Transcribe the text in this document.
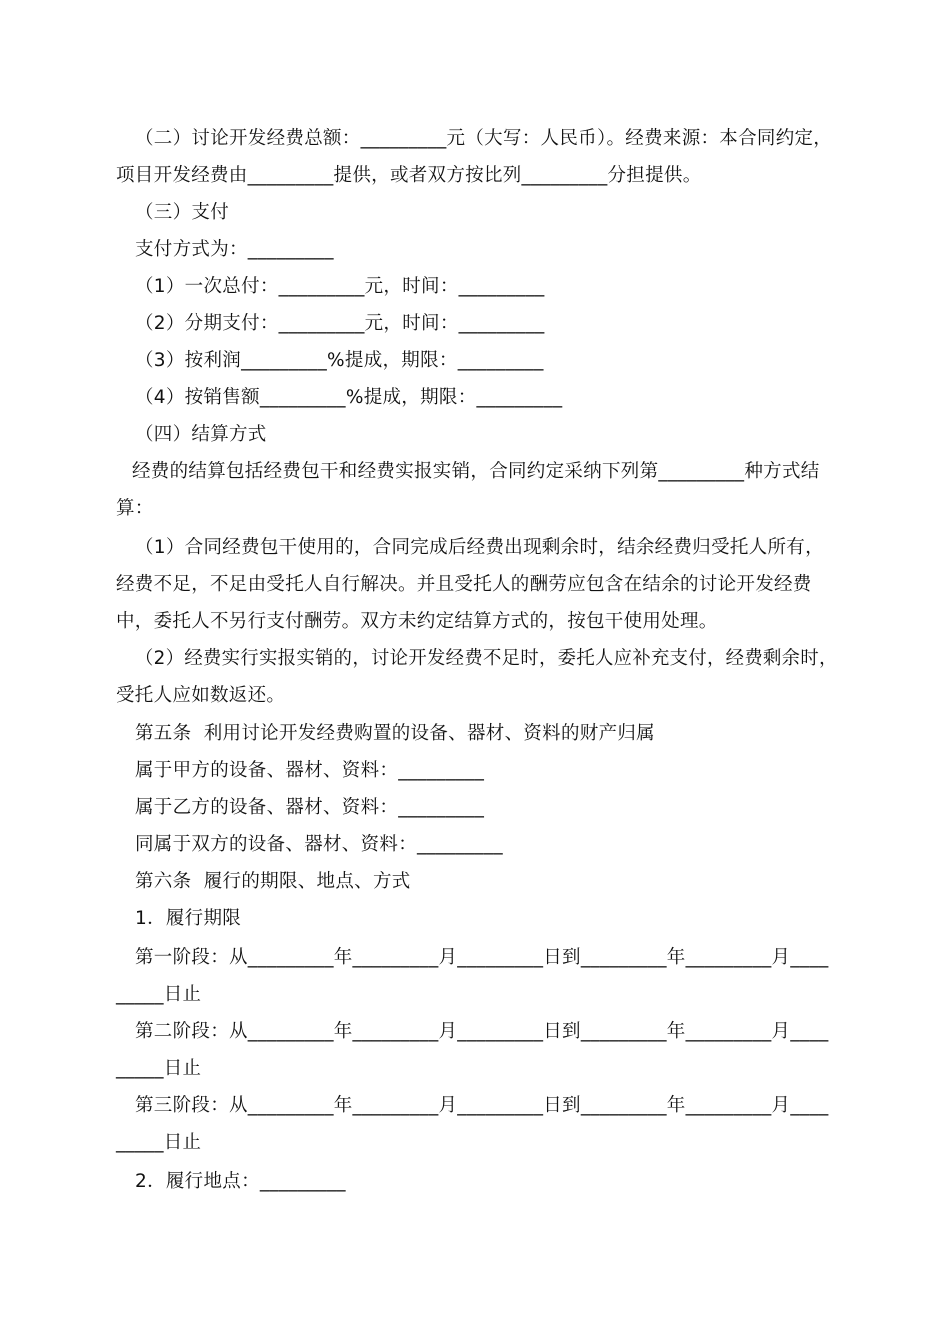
（二）讨论开发经费总额：_________元（大写：人民币）。经费来源：本合同约定，
项目开发经费由_________提供，或者双方按比列_________分担提供。
（三）支付
支付方式为：_________
（1）一次总付：_________元，时间：_________
（2）分期支付：_________元，时间：_________
（3）按利润_________%提成，期限：_________
（4）按销售额_________%提成，期限：_________
（四）结算方式
经费的结算包括经费包干和经费实报实销，合同约定采纳下列第_________种方式结
算：
（1）合同经费包干使用的，合同完成后经费出现剩余时，结余经费归受托人所有，
经费不足，不足由受托人自行解决。并且受托人的酬劳应包含在结余的讨论开发经费
中，委托人不另行支付酬劳。双方未约定结算方式的，按包干使用处理。
（2）经费实行实报实销的，讨论开发经费不足时，委托人应补充支付，经费剩余时，
受托人应如数返还。
第五条  利用讨论开发经费购置的设备、器材、资料的财产归属
属于甲方的设备、器材、资料：_________
属于乙方的设备、器材、资料：_________
同属于双方的设备、器材、资料：_________
第六条  履行的期限、地点、方式
1．履行期限
第一阶段：从_________年_________月_________日到_________年_________月____
_____日止
第二阶段：从_________年_________月_________日到_________年_________月____
_____日止
第三阶段：从_________年_________月_________日到_________年_________月____
_____日止
2．履行地点：_________
